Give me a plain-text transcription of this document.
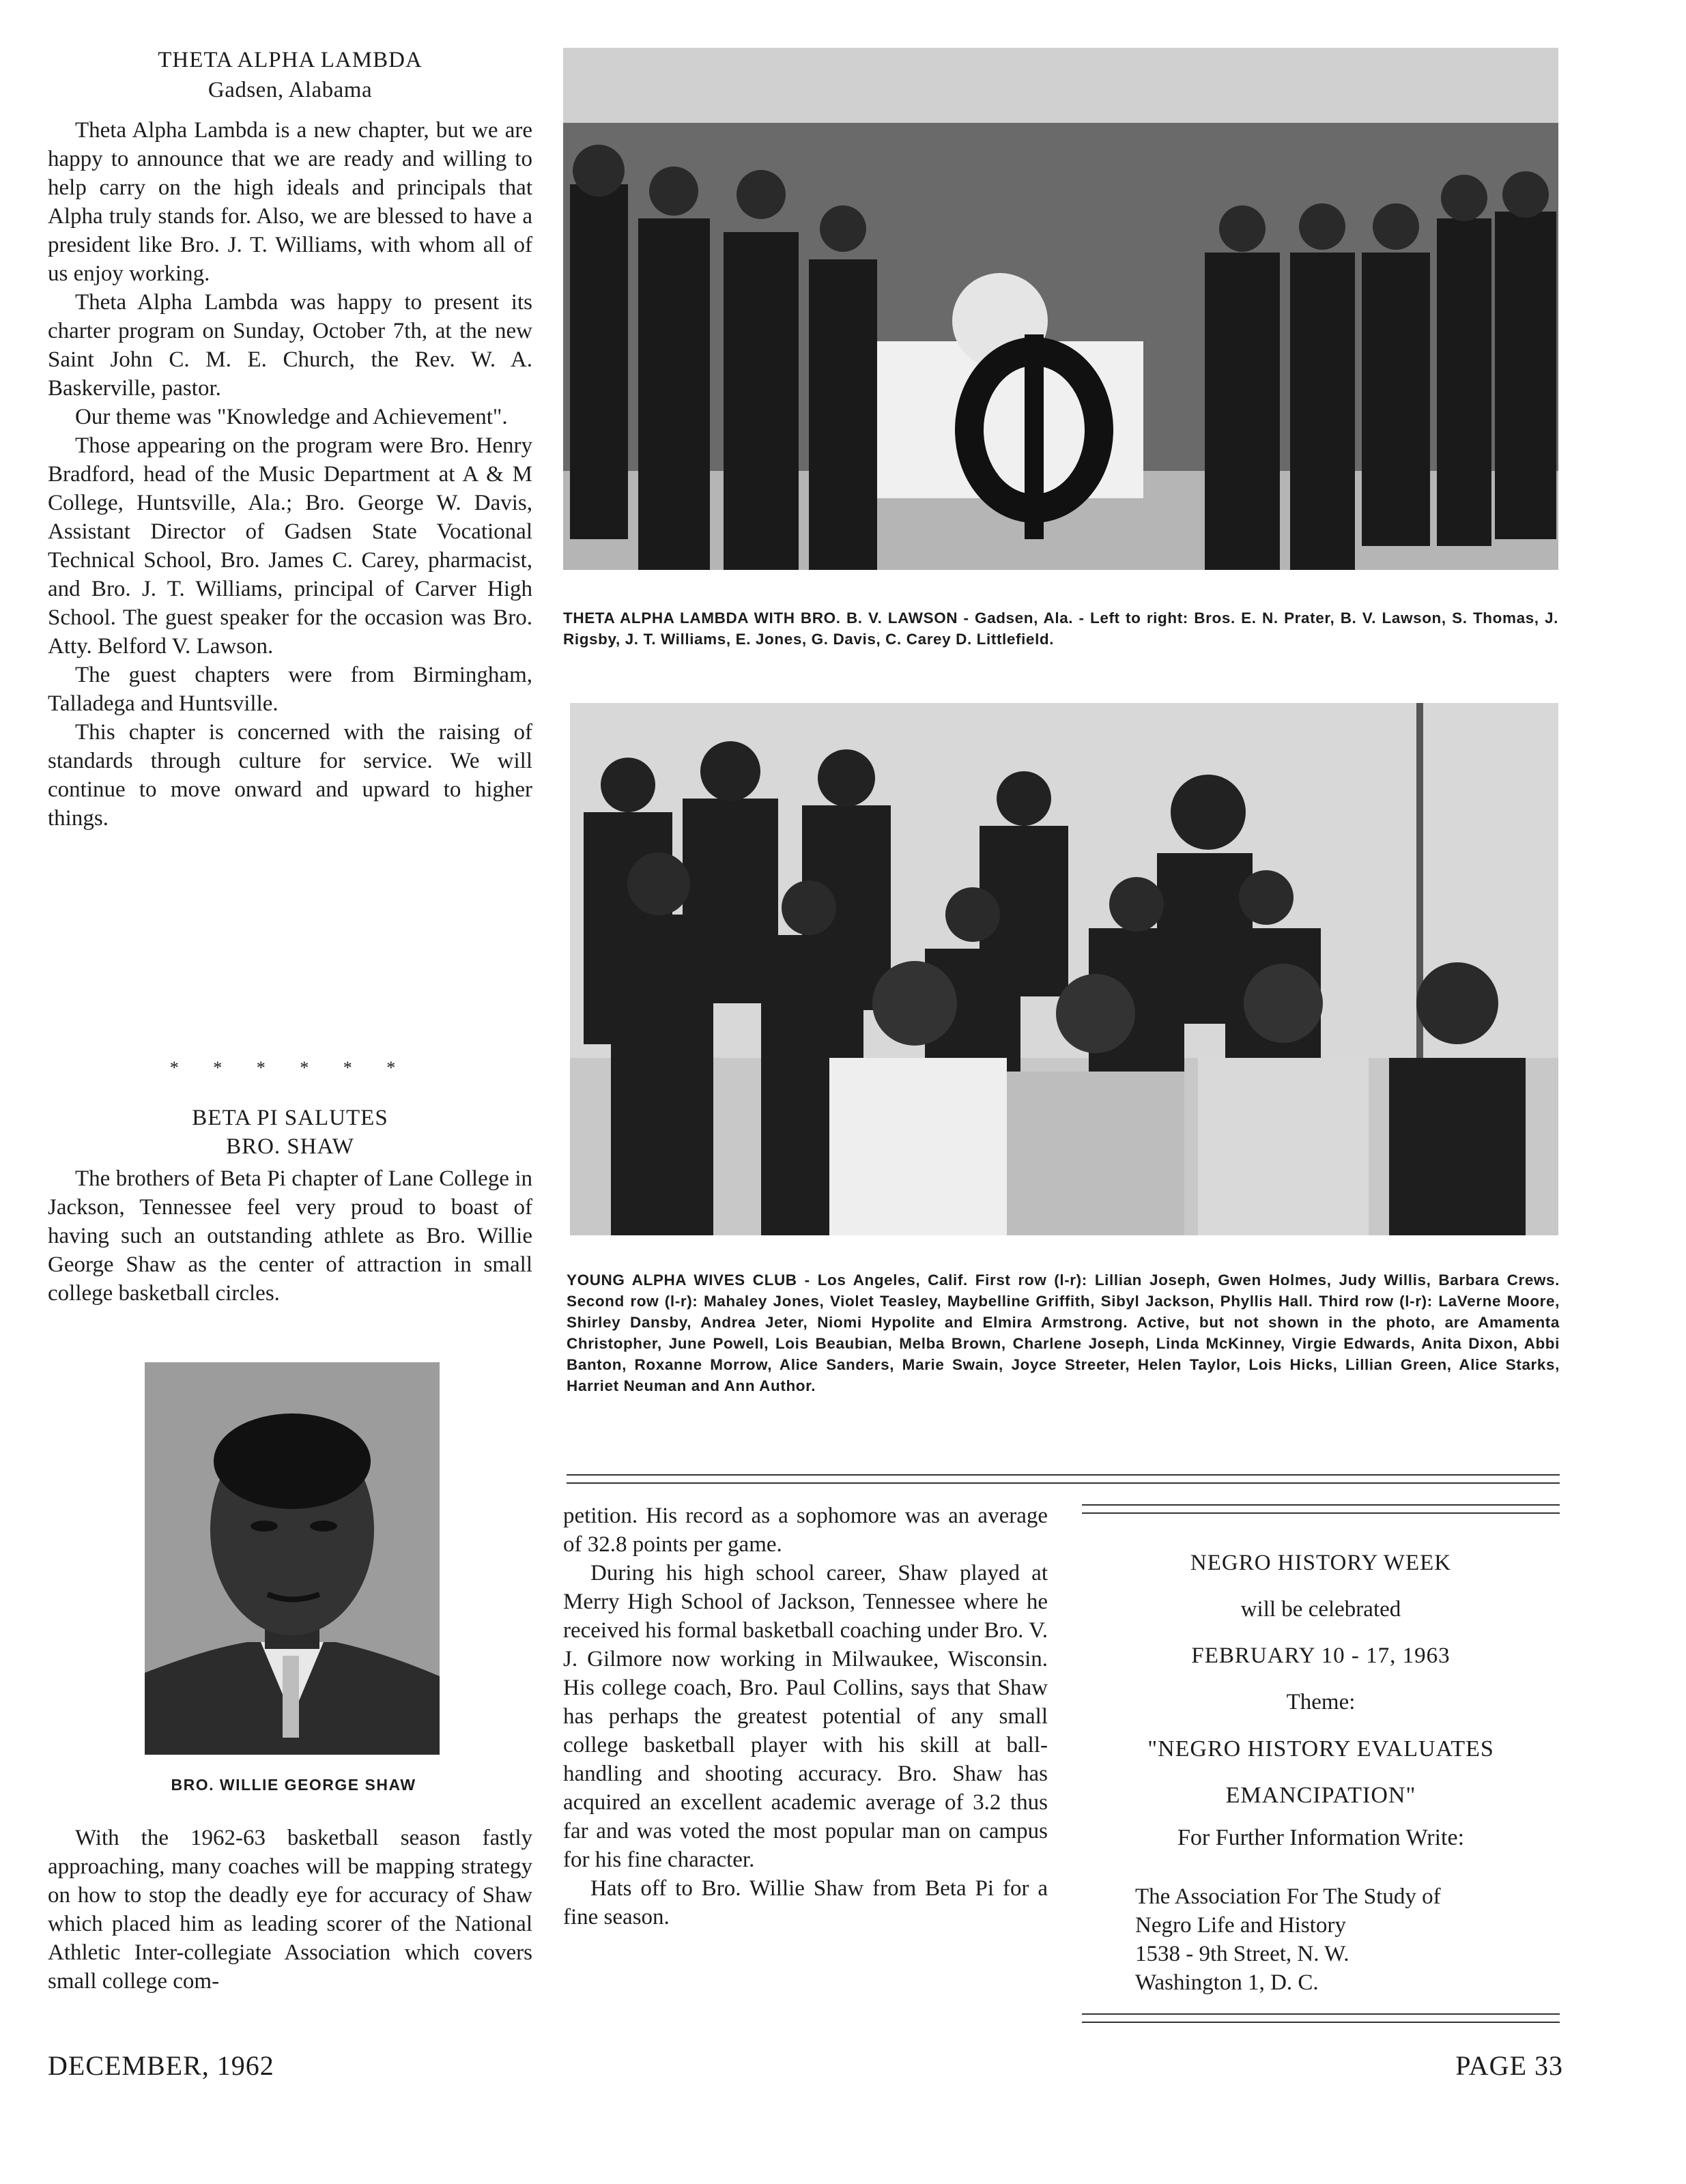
THETA ALPHA LAMBDA
Gadsen, Alabama

Theta Alpha Lambda is a new chapter, but we are happy to announce that we are ready and willing to help carry on the high ideals and principals that Alpha truly stands for. Also, we are blessed to have a president like Bro. J. T. Williams, with whom all of us enjoy working.

Theta Alpha Lambda was happy to present its charter program on Sunday, October 7th, at the new Saint John C. M. E. Church, the Rev. W. A. Baskerville, pastor.

Our theme was "Knowledge and Achievement".

Those appearing on the program were Bro. Henry Bradford, head of the Music Department at A & M College, Huntsville, Ala.; Bro. George W. Davis, Assistant Director of Gadsen State Vocational Technical School, Bro. James C. Carey, pharmacist, and Bro. J. T. Williams, principal of Carver High School. The guest speaker for the occasion was Bro. Atty. Belford V. Lawson.

The guest chapters were from Birmingham, Talladega and Huntsville.

This chapter is concerned with the raising of standards through culture for service. We will continue to move onward and upward to higher things.

* * * * * *
BETA PI SALUTES
BRO. SHAW

The brothers of Beta Pi chapter of Lane College in Jackson, Tennessee feel very proud to boast of having such an outstanding athlete as Bro. Willie George Shaw as the center of attraction in small college basketball circles.

BRO. WILLIE GEORGE SHAW

With the 1962-63 basketball season fastly approaching, many coaches will be mapping strategy on how to stop the deadly eye for accuracy of Shaw which placed him as leading scorer of the National Athletic Inter-collegiate Association which covers small college com-

THETA ALPHA LAMBDA WITH BRO. B. V. LAWSON - Gadsen, Ala. - Left to right: Bros. E. N. Prater, B. V. Lawson, S. Thomas, J. Rigsby, J. T. Williams, E. Jones, G. Davis, C. Carey D. Littlefield.
YOUNG ALPHA WIVES CLUB - Los Angeles, Calif. First row (l-r): Lillian Joseph, Gwen Holmes, Judy Willis, Barbara Crews. Second row (l-r): Mahaley Jones, Violet Teasley, Maybelline Griffith, Sibyl Jackson, Phyllis Hall. Third row (l-r): LaVerne Moore, Shirley Dansby, Andrea Jeter, Niomi Hypolite and Elmira Armstrong. Active, but not shown in the photo, are Amamenta Christopher, June Powell, Lois Beaubian, Melba Brown, Charlene Joseph, Linda McKinney, Virgie Edwards, Anita Dixon, Abbi Banton, Roxanne Morrow, Alice Sanders, Marie Swain, Joyce Streeter, Helen Taylor, Lois Hicks, Lillian Green, Alice Starks, Harriet Neuman and Ann Author.

petition. His record as a sophomore was an average of 32.8 points per game.

During his high school career, Shaw played at Merry High School of Jackson, Tennessee where he received his formal basketball coaching under Bro. V. J. Gilmore now working in Milwaukee, Wisconsin. His college coach, Bro. Paul Collins, says that Shaw has perhaps the greatest potential of any small college basketball player with his skill at ball-handling and shooting accuracy. Bro. Shaw has acquired an excellent academic average of 3.2 thus far and was voted the most popular man on campus for his fine character.

Hats off to Bro. Willie Shaw from Beta Pi for a fine season.

NEGRO HISTORY WEEK
will be celebrated
FEBRUARY 10 - 17, 1963
Theme:
"NEGRO HISTORY EVALUATES
EMANCIPATION"
For Further Information Write:
The Association For The Study of
Negro Life and History
1538 - 9th Street, N. W.
Washington 1, D. C.
DECEMBER, 1962	PAGE 33
